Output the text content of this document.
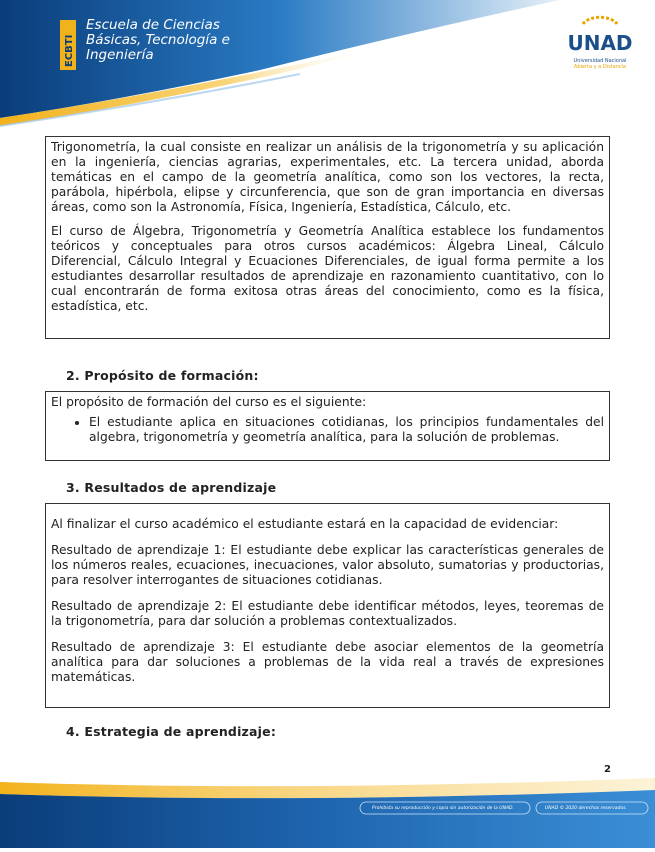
ECBTI
Escuela de Ciencias
Básicas, Tecnología e
Ingeniería	UNAD
Universidad Nacional
Abierta y a Distancia

Trigonometría, la cual consiste en realizar un análisis de la trigonometría y su aplicación en la ingeniería, ciencias agrarias, experimentales, etc. La tercera unidad, aborda temáticas en el campo de la geometría analítica, como son los vectores, la recta, parábola, hipérbola, elipse y circunferencia, que son de gran importancia en diversas áreas, como son la Astronomía, Física, Ingeniería, Estadística, Cálculo, etc.

El curso de Álgebra, Trigonometría y Geometría Analítica establece los fundamentos teóricos y conceptuales para otros cursos académicos: Álgebra Lineal, Cálculo Diferencial, Cálculo Integral y Ecuaciones Diferenciales, de igual forma permite a los estudiantes desarrollar resultados de aprendizaje en razonamiento cuantitativo, con lo cual encontrarán de forma exitosa otras áreas del conocimiento, como es la física, estadística, etc.

2. Propósito de formación:

El propósito de formación del curso es el siguiente:

• El estudiante aplica en situaciones cotidianas, los principios fundamentales del algebra, trigonometría y geometría analítica, para la solución de problemas.
3. Resultados de aprendizaje

Al finalizar el curso académico el estudiante estará en la capacidad de evidenciar:

Resultado de aprendizaje 1: El estudiante debe explicar las características generales de los números reales, ecuaciones, inecuaciones, valor absoluto, sumatorias y productorias, para resolver interrogantes de situaciones cotidianas.

Resultado de aprendizaje 2: El estudiante debe identificar métodos, leyes, teoremas de la trigonometría, para dar solución a problemas contextualizados.

Resultado de aprendizaje 3: El estudiante debe asociar elementos de la geometría analítica para dar soluciones a problemas de la vida real a través de expresiones matemáticas.

4. Estrategia de aprendizaje:
2
Prohibida su reproducción y copia sin autorización de la UNAD.	UNAD © 2020 derechos reservados.
